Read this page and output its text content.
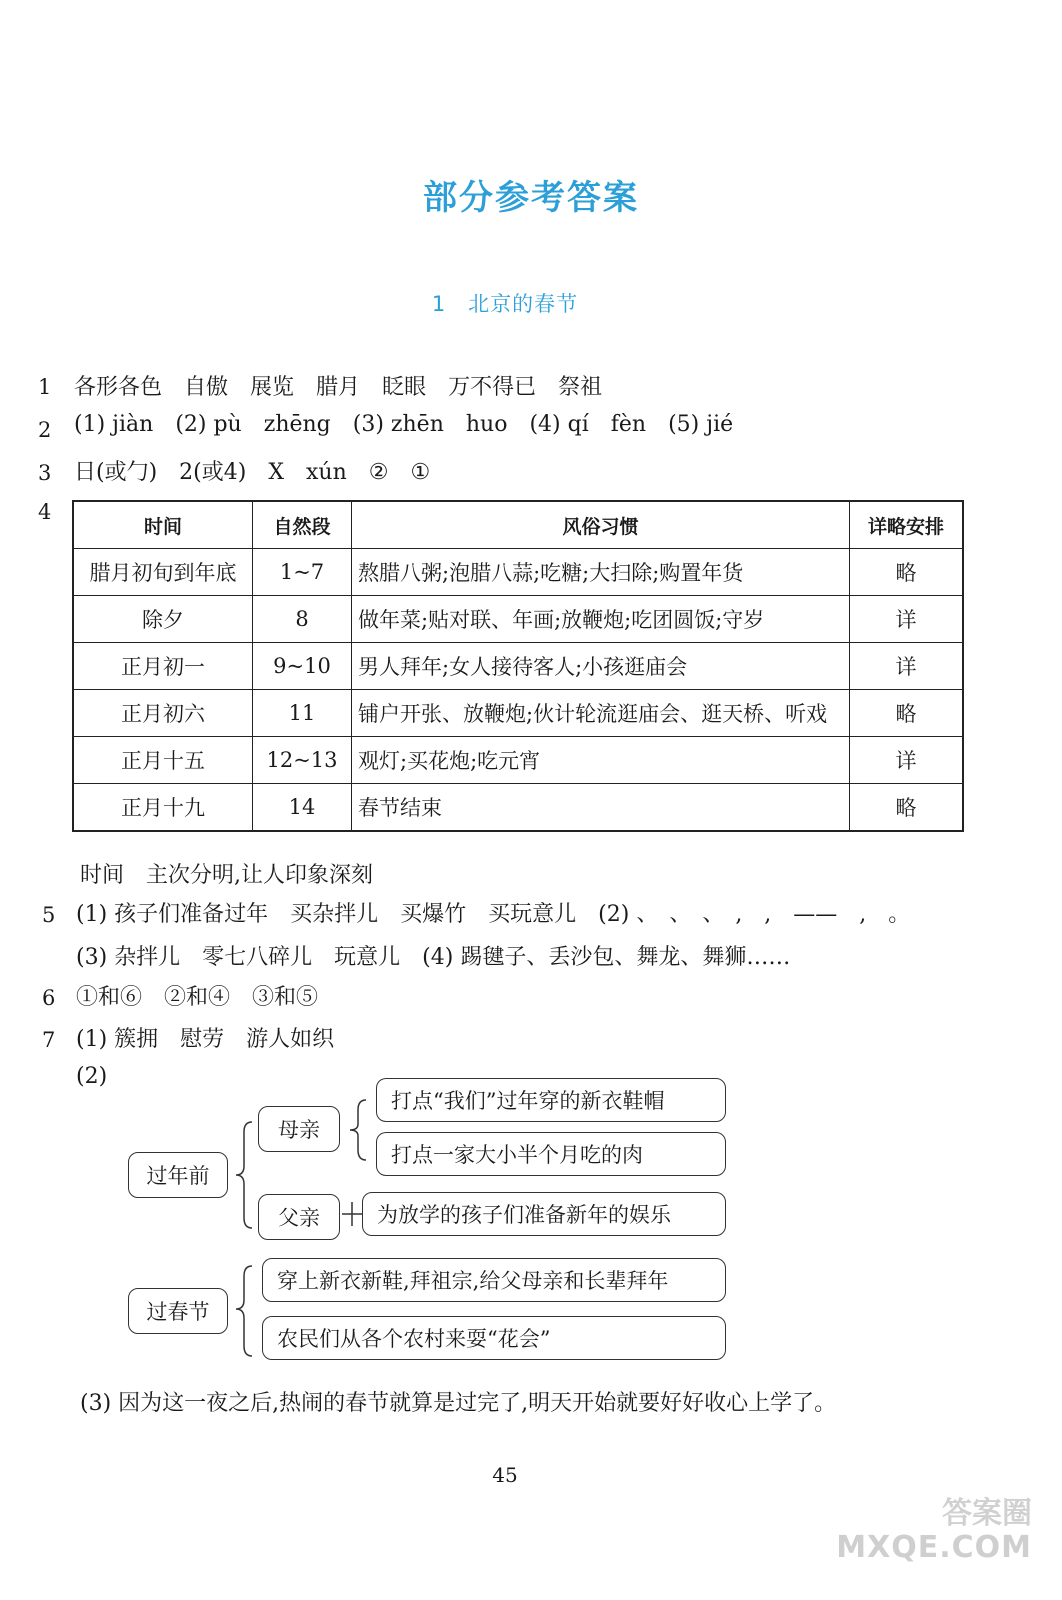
部分参考答案
1　北京的春节
1 各形各色 自傲 展览 腊月 眨眼 万不得已 祭祖
2 (1) jiàn (2) pù zhēng (3) zhēn huo (4) qí fèn (5) jié
3 日(或勹) 2(或4) X xún ② ①
4
时间	自然段	风俗习惯	详略安排
腊月初旬到年底	1~7	熬腊八粥;泡腊八蒜;吃糖;大扫除;购置年货	略
除夕	8	做年菜;贴对联、年画;放鞭炮;吃团圆饭;守岁	详
正月初一	9~10	男人拜年;女人接待客人;小孩逛庙会	详
正月初六	11	铺户开张、放鞭炮;伙计轮流逛庙会、逛天桥、听戏	略
正月十五	12~13	观灯;买花炮;吃元宵	详
正月十九	14	春节结束	略
时间　主次分明,让人印象深刻
5 (1) 孩子们准备过年　买杂拌儿　买爆竹　买玩意儿　(2) 、　、　、　,　,　——　,　。
(3) 杂拌儿　零七八碎儿　玩意儿　(4) 踢毽子、丢沙包、舞龙、舞狮……
6 ①和⑥　②和④　③和⑤
7 (1) 簇拥　慰劳　游人如织
(2)
过年前
母亲
父亲
打点“我们”过年穿的新衣鞋帽
打点一家大小半个月吃的肉
为放学的孩子们准备新年的娱乐
过春节
穿上新衣新鞋,拜祖宗,给父母亲和长辈拜年
农民们从各个农村来耍“花会”
(3) 因为这一夜之后,热闹的春节就算是过完了,明天开始就要好好收心上学了。
45
答案圈
MXQE.COM
